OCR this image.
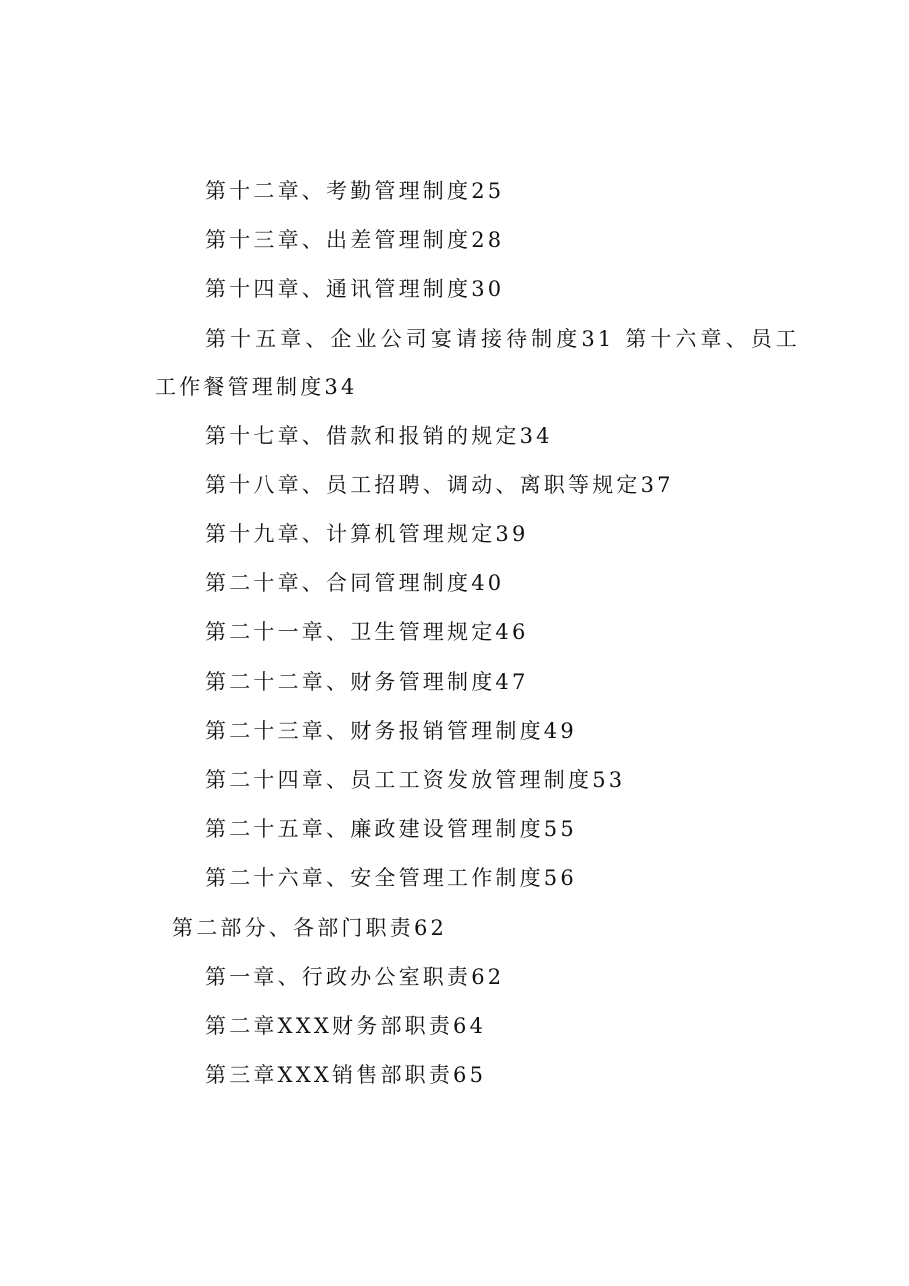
第十二章、考勤管理制度25
第十三章、出差管理制度28
第十四章、通讯管理制度30
第十五章、企业公司宴请接待制度31 第十六章、员工工作餐管理制度34
第十七章、借款和报销的规定34
第十八章、员工招聘、调动、离职等规定37
第十九章、计算机管理规定39
第二十章、合同管理制度40
第二十一章、卫生管理规定46
第二十二章、财务管理制度47
第二十三章、财务报销管理制度49
第二十四章、员工工资发放管理制度53
第二十五章、廉政建设管理制度55
第二十六章、安全管理工作制度56
第二部分、各部门职责62
第一章、行政办公室职责62
第二章XXX财务部职责64
第三章XXX销售部职责65
